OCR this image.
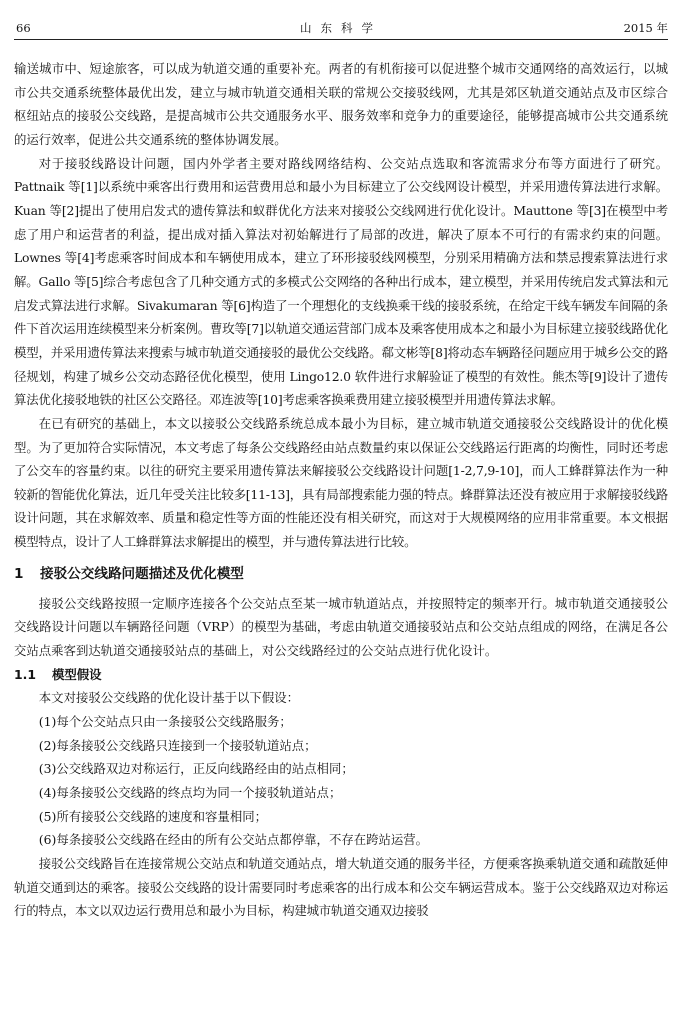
66	山东科学	2015 年

输送城市中、短途旅客，可以成为轨道交通的重要补充。两者的有机衔接可以促进整个城市交通网络的高效运行，以城市公共交通系统整体最优出发，建立与城市轨道交通相关联的常规公交接驳线网，尤其是郊区轨道交通站点及市区综合枢纽站点的接驳公交线路，是提高城市公共交通服务水平、服务效率和竞争力的重要途径，能够提高城市公共交通系统的运行效率，促进公共交通系统的整体协调发展。

对于接驳线路设计问题，国内外学者主要对路线网络结构、公交站点选取和客流需求分布等方面进行了研究。Pattnaik 等[1]以系统中乘客出行费用和运营费用总和最小为目标建立了公交线网设计模型，并采用遗传算法进行求解。Kuan 等[2]提出了使用启发式的遗传算法和蚁群优化方法来对接驳公交线网进行优化设计。Mauttone 等[3]在模型中考虑了用户和运营者的利益，提出成对插入算法对初始解进行了局部的改进，解决了原本不可行的有需求约束的问题。Lownes 等[4]考虑乘客时间成本和车辆使用成本，建立了环形接驳线网模型，分别采用精确方法和禁忌搜索算法进行求解。Gallo 等[5]综合考虑包含了几种交通方式的多模式公交网络的各种出行成本，建立模型，并采用传统启发式算法和元启发式算法进行求解。Sivakumaran 等[6]构造了一个理想化的支线换乘干线的接驳系统，在给定干线车辆发车间隔的条件下首次运用连续模型来分析案例。曹玫等[7]以轨道交通运营部门成本及乘客使用成本之和最小为目标建立接驳线路优化模型，并采用遗传算法来搜索与城市轨道交通接驳的最优公交线路。郗文彬等[8]将动态车辆路径问题应用于城乡公交的路径规划，构建了城乡公交动态路径优化模型，使用 Lingo12.0 软件进行求解验证了模型的有效性。熊杰等[9]设计了遗传算法优化接驳地铁的社区公交路径。邓连波等[10]考虑乘客换乘费用建立接驳模型并用遗传算法求解。

在已有研究的基础上，本文以接驳公交线路系统总成本最小为目标，建立城市轨道交通接驳公交线路设计的优化模型。为了更加符合实际情况，本文考虑了每条公交线路经由站点数量约束以保证公交线路运行距离的均衡性，同时还考虑了公交车的容量约束。以往的研究主要采用遗传算法来解接驳公交线路设计问题[1-2,7,9-10]，而人工蜂群算法作为一种较新的智能优化算法，近几年受关注比较多[11-13]，具有局部搜索能力强的特点。蜂群算法还没有被应用于求解接驳线路设计问题，其在求解效率、质量和稳定性等方面的性能还没有相关研究，而这对于大规模网络的应用非常重要。本文根据模型特点，设计了人工蜂群算法求解提出的模型，并与遗传算法进行比较。

1 接驳公交线路问题描述及优化模型

接驳公交线路按照一定顺序连接各个公交站点至某一城市轨道站点，并按照特定的频率开行。城市轨道交通接驳公交线路设计问题以车辆路径问题（VRP）的模型为基础，考虑由轨道交通接驳站点和公交站点组成的网络，在满足各公交站点乘客到达轨道交通接驳站点的基础上，对公交线路经过的公交站点进行优化设计。

1.1 模型假设

本文对接驳公交线路的优化设计基于以下假设：

(1)每个公交站点只由一条接驳公交线路服务；

(2)每条接驳公交线路只连接到一个接驳轨道站点；

(3)公交线路双边对称运行，正反向线路经由的站点相同；

(4)每条接驳公交线路的终点均为同一个接驳轨道站点；

(5)所有接驳公交线路的速度和容量相同；

(6)每条接驳公交线路在经由的所有公交站点都停靠，不存在跨站运营。

接驳公交线路旨在连接常规公交站点和轨道交通站点，增大轨道交通的服务半径，方便乘客换乘轨道交通和疏散延伸轨道交通到达的乘客。接驳公交线路的设计需要同时考虑乘客的出行成本和公交车辆运营成本。鉴于公交线路双边对称运行的特点，本文以双边运行费用总和最小为目标，构建城市轨道交通双边接驳
